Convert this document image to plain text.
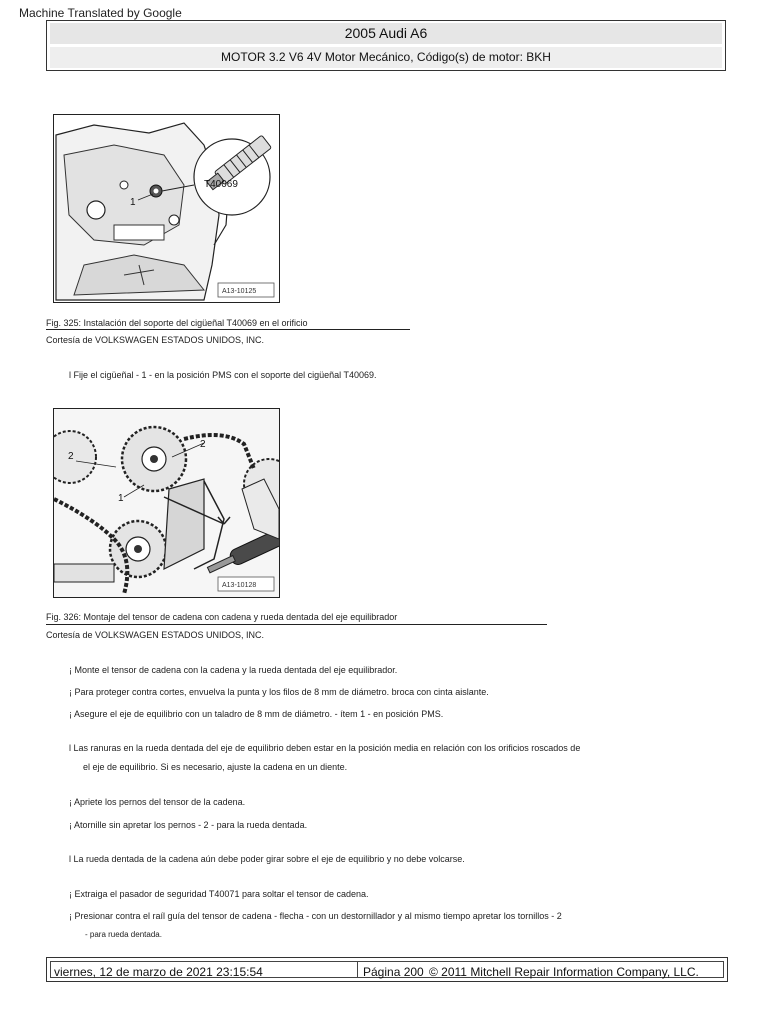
Machine Translated by Google
2005 Audi A6
MOTOR 3.2 V6 4V Motor Mecánico, Código(s) de motor: BKH
T40069
1
A13-10125
Fig. 325: Instalación del soporte del cigüeñal T40069 en el orificio
Cortesía de VOLKSWAGEN ESTADOS UNIDOS, INC.
l Fije el cigüeñal - 1 - en la posición PMS con el soporte del cigüeñal T40069.
2
2
1
A13-10128
Fig. 326: Montaje del tensor de cadena con cadena y rueda dentada del eje equilibrador
Cortesía de VOLKSWAGEN ESTADOS UNIDOS, INC.
¡ Monte el tensor de cadena con la cadena y la rueda dentada del eje equilibrador.
¡ Para proteger contra cortes, envuelva la punta y los filos de 8 mm de diámetro. broca con cinta aislante.
¡ Asegure el eje de equilibrio con un taladro de 8 mm de diámetro. - ítem 1 - en posición PMS.
l Las ranuras en la rueda dentada del eje de equilibrio deben estar en la posición media en relación con los orificios roscados de
el eje de equilibrio. Si es necesario, ajuste la cadena en un diente.
¡ Apriete los pernos del tensor de la cadena.
¡ Atornille sin apretar los pernos - 2 - para la rueda dentada.
l La rueda dentada de la cadena aún debe poder girar sobre el eje de equilibrio y no debe volcarse.
¡ Extraiga el pasador de seguridad T40071 para soltar el tensor de cadena.
¡ Presionar contra el raíl guía del tensor de cadena - flecha - con un destornillador y al mismo tiempo apretar los tornillos - 2
- para rueda dentada.
viernes, 12 de marzo de 2021 23:15:54	Página 200 © 2011 Mitchell Repair Information Company, LLC.
